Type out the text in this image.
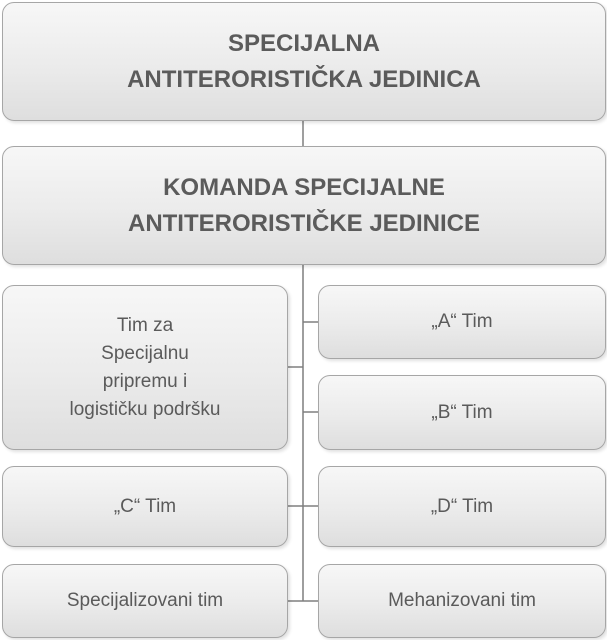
SPECIJALNA
ANTITERORISTIČKA JEDINICA
KOMANDA SPECIJALNE
ANTITERORISTIČKE JEDINICE
Tim za
Specijalnu
pripremu i
logističku podršku
„A“ Tim
„B“ Tim
„C“ Tim	„D“ Tim
Specijalizovani tim	Mehanizovani tim
